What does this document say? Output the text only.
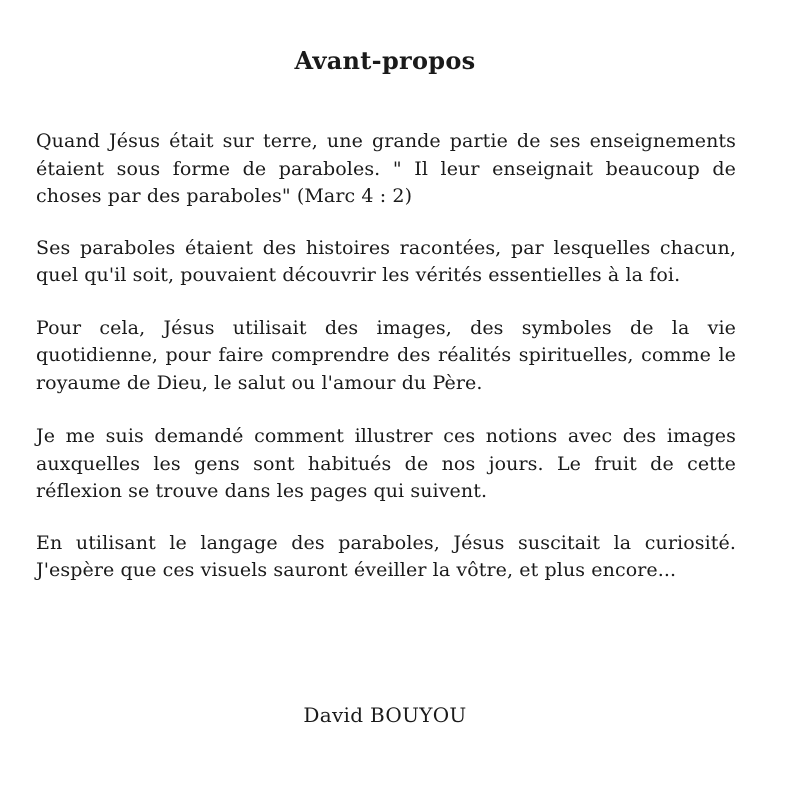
Avant-propos

Quand Jésus était sur terre, une grande partie de ses enseignements étaient sous forme de paraboles. " Il leur enseignait beaucoup de choses par des paraboles" (Marc 4 : 2)

Ses paraboles étaient des histoires racontées, par lesquelles chacun, quel qu'il soit, pouvaient découvrir les vérités essentielles à la foi.

Pour cela, Jésus utilisait des images, des symboles de la vie quotidienne, pour faire comprendre des réalités spirituelles, comme le royaume de Dieu, le salut ou l'amour du Père.

Je me suis demandé comment illustrer ces notions avec des images auxquelles les gens sont habitués de nos jours. Le fruit de cette réflexion se trouve dans les pages qui suivent.

En utilisant le langage des paraboles, Jésus suscitait la curiosité. J'espère que ces visuels sauront éveiller la vôtre, et plus encore...

David BOUYOU
